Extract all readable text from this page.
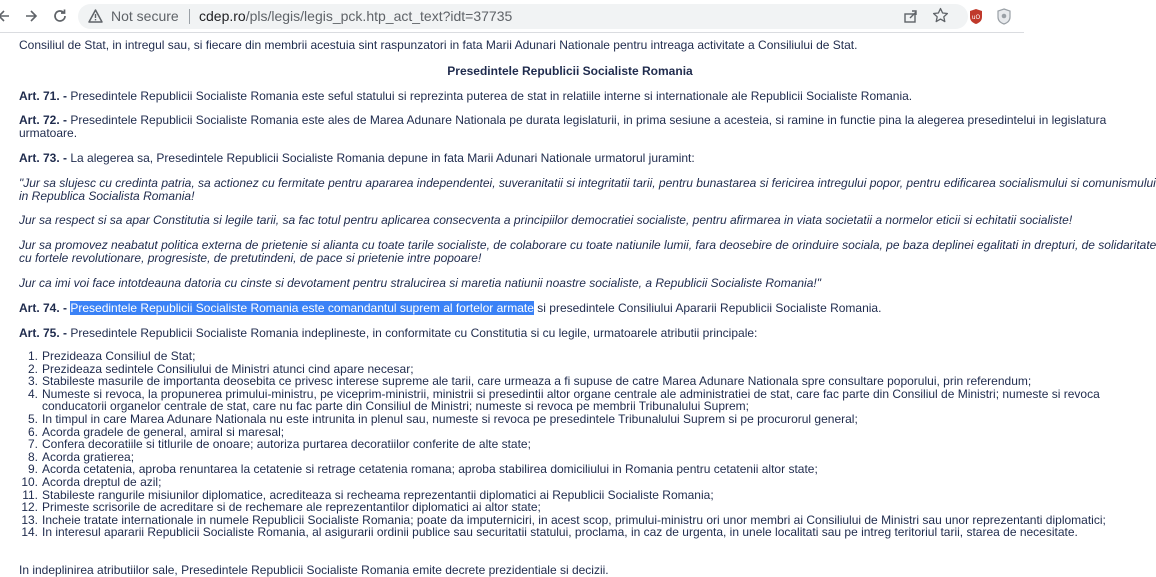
Not secure cdep.ro/pls/legis/legis_pck.htp_act_text?idt=37735	uO
Consiliul de Stat, in intregul sau, si fiecare din membrii acestuia sint raspunzatori in fata Marii Adunari Nationale pentru intreaga activitate a Consiliului de Stat.
Presedintele Republicii Socialiste Romania
Art. 71. - Presedintele Republicii Socialiste Romania este seful statului si reprezinta puterea de stat in relatiile interne si internationale ale Republicii Socialiste Romania.
Art. 72. - Presedintele Republicii Socialiste Romania este ales de Marea Adunare Nationala pe durata legislaturii, in prima sesiune a acesteia, si ramine in functie pina la alegerea presedintelui in legislatura
urmatoare.
Art. 73. - La alegerea sa, Presedintele Republicii Socialiste Romania depune in fata Marii Adunari Nationale urmatorul juramint:
"Jur sa slujesc cu credinta patria, sa actionez cu fermitate pentru apararea independentei, suveranitatii si integritatii tarii, pentru bunastarea si fericirea intregului popor, pentru edificarea socialismului si comunismului
in Republica Socialista Romania!
Jur sa respect si sa apar Constitutia si legile tarii, sa fac totul pentru aplicarea consecventa a principiilor democratiei socialiste, pentru afirmarea in viata societatii a normelor eticii si echitatii socialiste!
Jur sa promovez neabatut politica externa de prietenie si alianta cu toate tarile socialiste, de colaborare cu toate natiunile lumii, fara deosebire de orinduire sociala, pe baza deplinei egalitati in drepturi, de solidaritate
cu fortele revolutionare, progresiste, de pretutindeni, de pace si prietenie intre popoare!
Jur ca imi voi face intotdeauna datoria cu cinste si devotament pentru stralucirea si maretia natiunii noastre socialiste, a Republicii Socialiste Romania!"
Art. 74. - Presedintele Republicii Socialiste Romania este comandantul suprem al fortelor armate si presedintele Consiliului Apararii Republicii Socialiste Romania.
Art. 75. - Presedintele Republicii Socialiste Romania indeplineste, in conformitate cu Constitutia si cu legile, urmatoarele atributii principale:
1. Prezideaza Consiliul de Stat;
2. Prezideaza sedintele Consiliului de Ministri atunci cind apare necesar;
3. Stabileste masurile de importanta deosebita ce privesc interese supreme ale tarii, care urmeaza a fi supuse de catre Marea Adunare Nationala spre consultare poporului, prin referendum;
4. Numeste si revoca, la propunerea primului-ministru, pe viceprim-ministrii, ministrii si presedintii altor organe centrale ale administratiei de stat, care fac parte din Consiliul de Ministri; numeste si revoca
conducatorii organelor centrale de stat, care nu fac parte din Consiliul de Ministri; numeste si revoca pe membrii Tribunalului Suprem;
5. In timpul in care Marea Adunare Nationala nu este intrunita in plenul sau, numeste si revoca pe presedintele Tribunalului Suprem si pe procurorul general;
6. Acorda gradele de general, amiral si maresal;
7. Confera decoratiile si titlurile de onoare; autoriza purtarea decoratiilor conferite de alte state;
8. Acorda gratierea;
9. Acorda cetatenia, aproba renuntarea la cetatenie si retrage cetatenia romana; aproba stabilirea domiciliului in Romania pentru cetatenii altor state;
10. Acorda dreptul de azil;
11. Stabileste rangurile misiunilor diplomatice, acrediteaza si recheama reprezentantii diplomatici ai Republicii Socialiste Romania;
12. Primeste scrisorile de acreditare si de rechemare ale reprezentantilor diplomatici ai altor state;
13. Incheie tratate internationale in numele Republicii Socialiste Romania; poate da imputerniciri, in acest scop, primului-ministru ori unor membri ai Consiliului de Ministri sau unor reprezentanti diplomatici;
14. In interesul apararii Republicii Socialiste Romania, al asigurarii ordinii publice sau securitatii statului, proclama, in caz de urgenta, in unele localitati sau pe intreg teritoriul tarii, starea de necesitate.
In indeplinirea atributiilor sale, Presedintele Republicii Socialiste Romania emite decrete prezidentiale si decizii.
